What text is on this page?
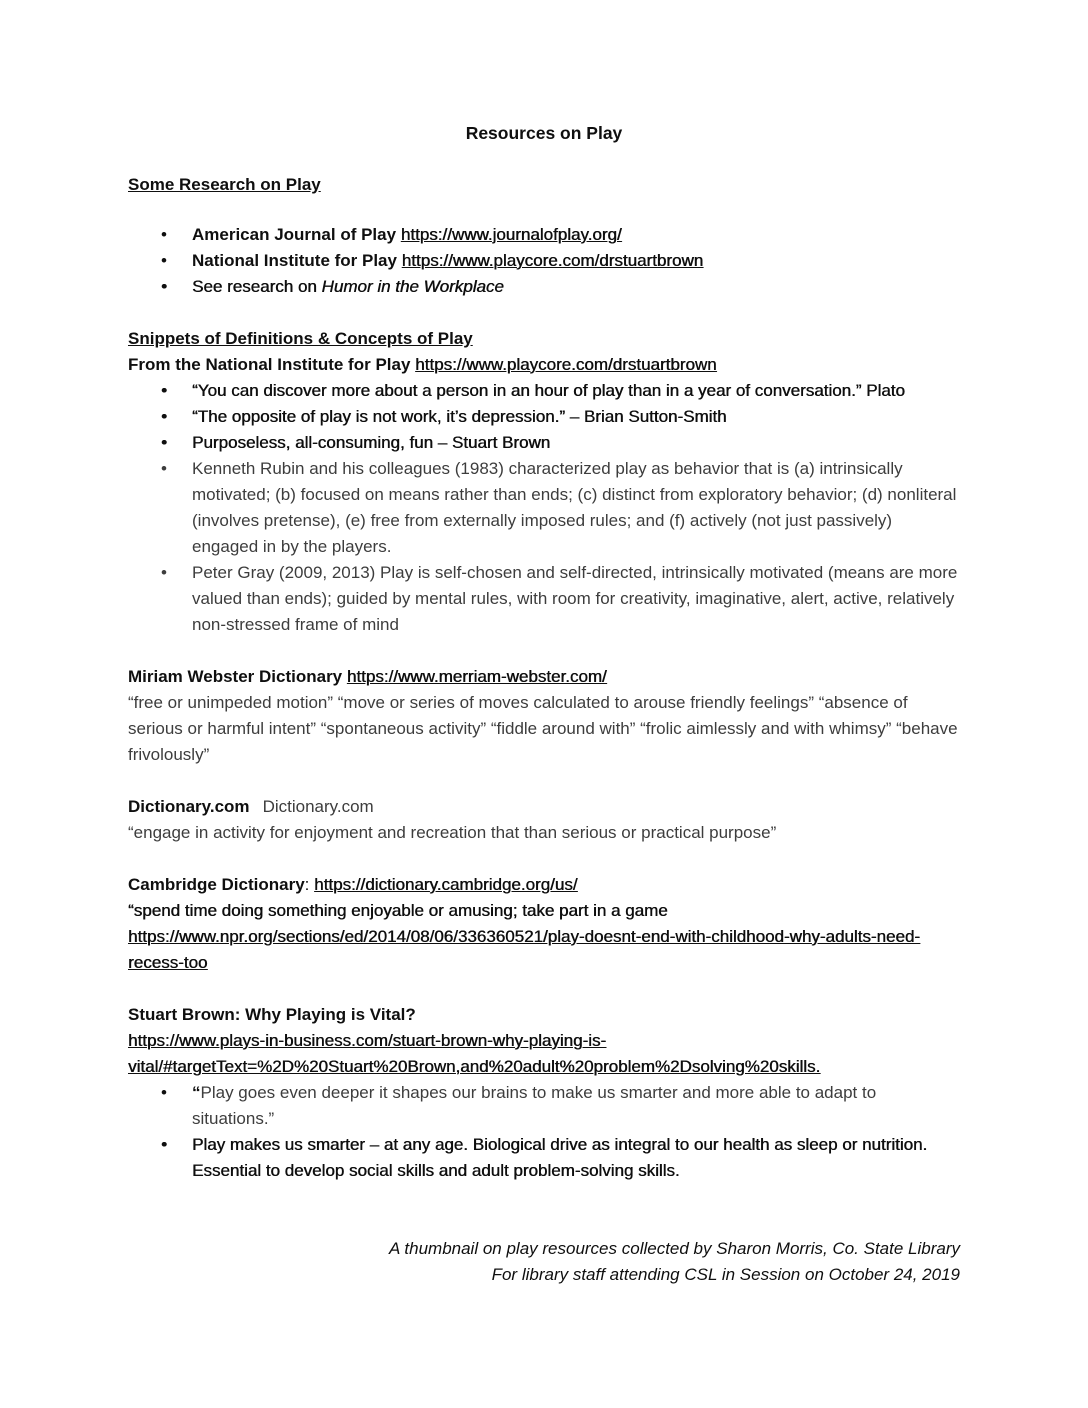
Resources on Play
Some Research on Play
• American Journal of Play https://www.journalofplay.org/
• National Institute for Play https://www.playcore.com/drstuartbrown
• See research on Humor in the Workplace
Snippets of Definitions & Concepts of Play

From the National Institute for Play https://www.playcore.com/drstuartbrown

• “You can discover more about a person in an hour of play than in a year of conversation.” Plato
• “The opposite of play is not work, it’s depression.” – Brian Sutton-Smith
• Purposeless, all-consuming, fun – Stuart Brown
• Kenneth Rubin and his colleagues (1983) characterized play as behavior that is (a) intrinsically motivated; (b) focused on means rather than ends; (c) distinct from exploratory behavior; (d) nonliteral (involves pretense), (e) free from externally imposed rules; and (f) actively (not just passively) engaged in by the players.
• Peter Gray (2009, 2013) Play is self-chosen and self-directed, intrinsically motivated (means are more valued than ends); guided by mental rules, with room for creativity, imaginative, alert, active, relatively non-stressed frame of mind

Miriam Webster Dictionary https://www.merriam-webster.com/

“free or unimpeded motion” “move or series of moves calculated to arouse friendly feelings” “absence of serious or harmful intent” “spontaneous activity” “fiddle around with” “frolic aimlessly and with whimsy” “behave frivolously”

Dictionary.com Dictionary.com

“engage in activity for enjoyment and recreation that than serious or practical purpose”

Cambridge Dictionary: https://dictionary.cambridge.org/us/

“spend time doing something enjoyable or amusing; take part in a game

https://www.npr.org/sections/ed/2014/08/06/336360521/play-doesnt-end-with-childhood-why-adults-need-recess-too

Stuart Brown: Why Playing is Vital?

https://www.plays-in-business.com/stuart-brown-why-playing-is-vital/#targetText=%2D%20Stuart%20Brown,and%20adult%20problem%2Dsolving%20skills.

• “Play goes even deeper it shapes our brains to make us smarter and more able to adapt to situations.”
• Play makes us smarter – at any age. Biological drive as integral to our health as sleep or nutrition. Essential to develop social skills and adult problem-solving skills.

A thumbnail on play resources collected by Sharon Morris, Co. State Library

For library staff attending CSL in Session on October 24, 2019
